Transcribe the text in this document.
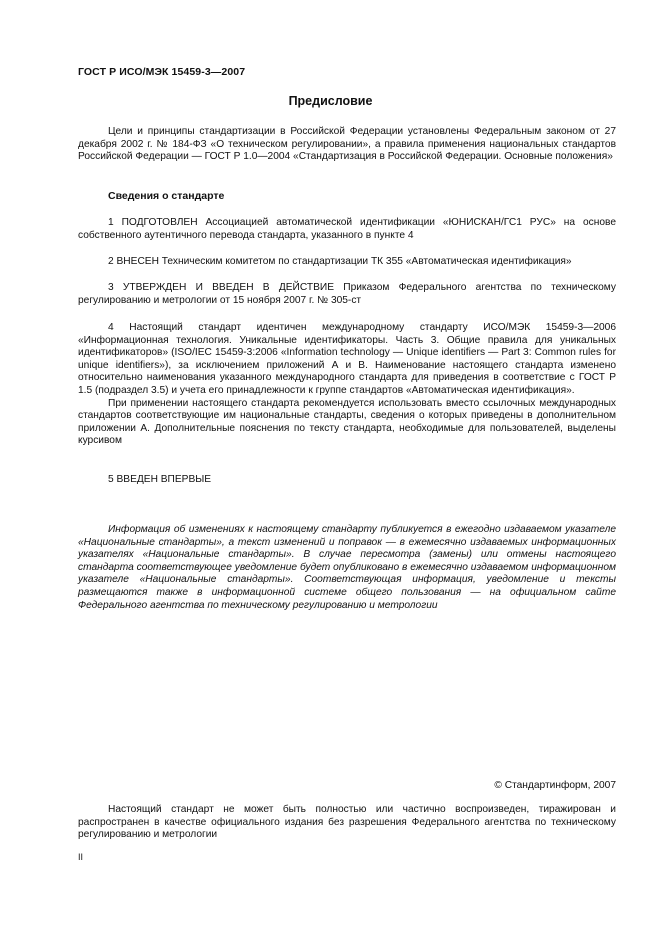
ГОСТ Р ИСО/МЭК 15459-3—2007
Предисловие

Цели и принципы стандартизации в Российской Федерации установлены Федеральным законом от 27 декабря 2002 г. № 184-ФЗ «О техническом регулировании», а правила применения национальных стандартов Российской Федерации — ГОСТ Р 1.0—2004 «Стандартизация в Российской Федерации. Основные положения»

Сведения о стандарте

1 ПОДГОТОВЛЕН Ассоциацией автоматической идентификации «ЮНИСКАН/ГС1 РУС» на основе собственного аутентичного перевода стандарта, указанного в пункте 4

2 ВНЕСЕН Техническим комитетом по стандартизации ТК 355 «Автоматическая идентификация»

3 УТВЕРЖДЕН И ВВЕДЕН В ДЕЙСТВИЕ Приказом Федерального агентства по техническому регулированию и метрологии от 15 ноября 2007 г. № 305-ст

4 Настоящий стандарт идентичен международному стандарту ИСО/МЭК 15459-3—2006 «Информационная технология. Уникальные идентификаторы. Часть 3. Общие правила для уникальных идентификаторов» (ISO/IEC 15459-3:2006 «Information technology — Unique identifiers — Part 3: Common rules for unique identifiers»), за исключением приложений А и В. Наименование настоящего стандарта изменено относительно наименования указанного международного стандарта для приведения в соответствие с ГОСТ Р 1.5 (подраздел 3.5) и учета его принадлежности к группе стандартов «Автоматическая идентификация».

При применении настоящего стандарта рекомендуется использовать вместо ссылочных международных стандартов соответствующие им национальные стандарты, сведения о которых приведены в дополнительном приложении А. Дополнительные пояснения по тексту стандарта, необходимые для пользователей, выделены курсивом

5 ВВЕДЕН ВПЕРВЫЕ

Информация об изменениях к настоящему стандарту публикуется в ежегодно издаваемом указателе «Национальные стандарты», а текст изменений и поправок — в ежемесячно издаваемых информационных указателях «Национальные стандарты». В случае пересмотра (замены) или отмены настоящего стандарта соответствующее уведомление будет опубликовано в ежемесячно издаваемом информационном указателе «Национальные стандарты». Соответствующая информация, уведомление и тексты размещаются также в информационной системе общего пользования — на официальном сайте Федерального агентства по техническому регулированию и метрологии

© Стандартинформ, 2007

Настоящий стандарт не может быть полностью или частично воспроизведен, тиражирован и распространен в качестве официального издания без разрешения Федерального агентства по техническому регулированию и метрологии

II
